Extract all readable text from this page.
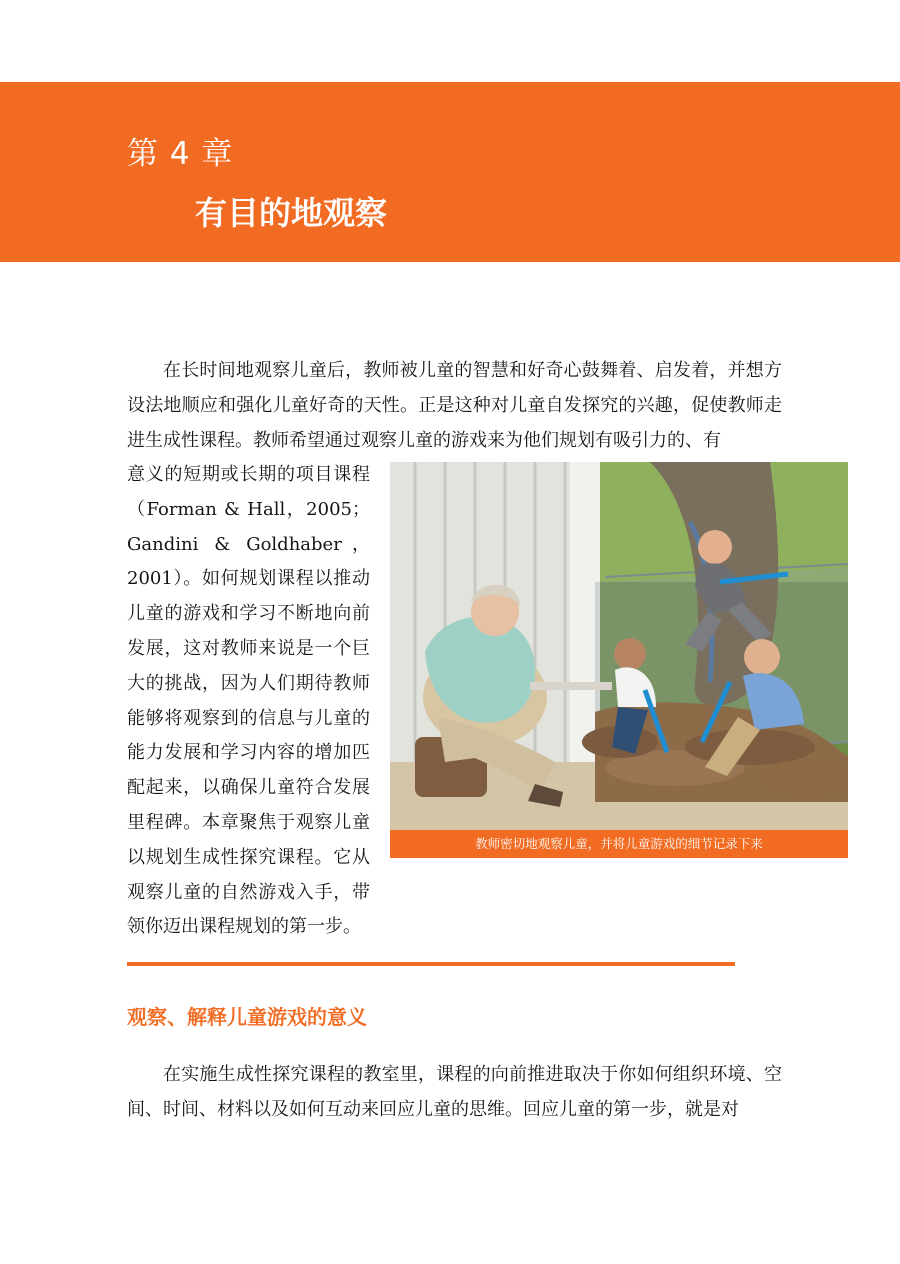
第 4 章
有目的地观察

在长时间地观察儿童后，教师被儿童的智慧和好奇心鼓舞着、启发着，并想方设法地顺应和强化儿童好奇的天性。正是这种对儿童自发探究的兴趣，促使教师走进生成性课程。教师希望通过观察儿童的游戏来为他们规划有吸引力的、有

意义的短期或长期的项目课程（Forman & Hall，2005；Gandini & Goldhaber，2001）。如何规划课程以推动儿童的游戏和学习不断地向前发展，这对教师来说是一个巨大的挑战，因为人们期待教师能够将观察到的信息与儿童的能力发展和学习内容的增加匹配起来，以确保儿童符合发展里程碑。本章聚焦于观察儿童以规划生成性探究课程。它从观察儿童的自然游戏入手，带领你迈出课程规划的第一步。

教师密切地观察儿童，并将儿童游戏的细节记录下来
观察、解释儿童游戏的意义

在实施生成性探究课程的教室里，课程的向前推进取决于你如何组织环境、空间、时间、材料以及如何互动来回应儿童的思维。回应儿童的第一步，就是对
